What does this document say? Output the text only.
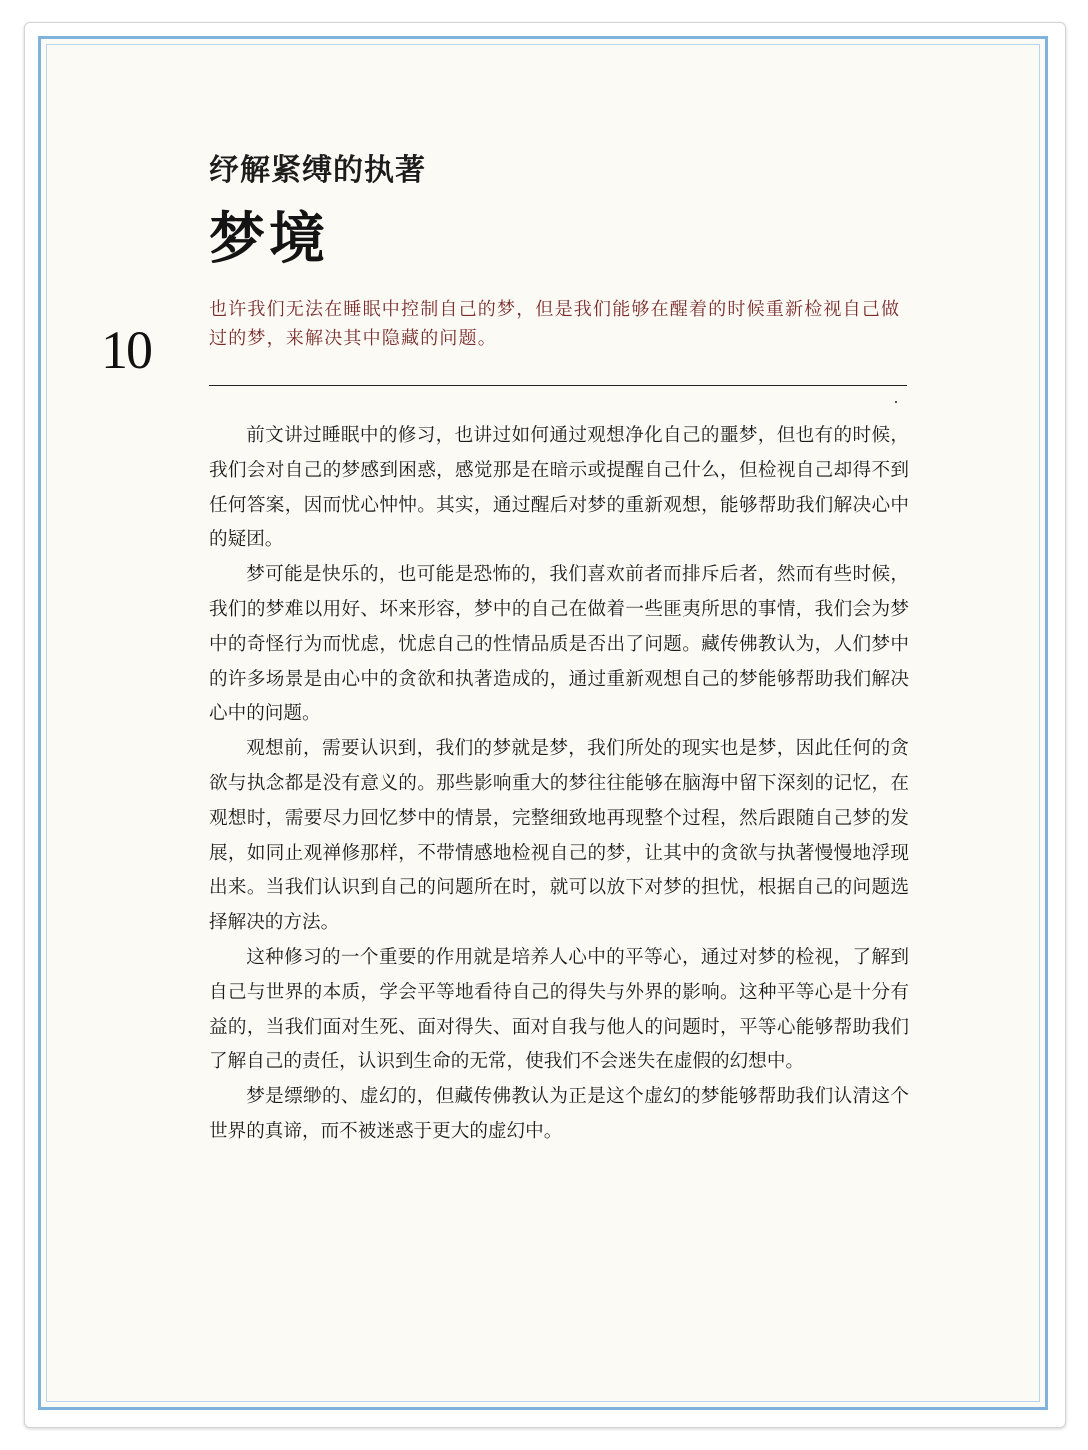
纾解紧缚的执著
梦境
10

也许我们无法在睡眠中控制自己的梦，但是我们能够在醒着的时候重新检视自己做过的梦，来解决其中隐藏的问题。

前文讲过睡眠中的修习，也讲过如何通过观想净化自己的噩梦，但也有的时候，我们会对自己的梦感到困惑，感觉那是在暗示或提醒自己什么，但检视自己却得不到任何答案，因而忧心忡忡。其实，通过醒后对梦的重新观想，能够帮助我们解决心中的疑团。

梦可能是快乐的，也可能是恐怖的，我们喜欢前者而排斥后者，然而有些时候，我们的梦难以用好、坏来形容，梦中的自己在做着一些匪夷所思的事情，我们会为梦中的奇怪行为而忧虑，忧虑自己的性情品质是否出了问题。藏传佛教认为，人们梦中的许多场景是由心中的贪欲和执著造成的，通过重新观想自己的梦能够帮助我们解决心中的问题。

观想前，需要认识到，我们的梦就是梦，我们所处的现实也是梦，因此任何的贪欲与执念都是没有意义的。那些影响重大的梦往往能够在脑海中留下深刻的记忆，在观想时，需要尽力回忆梦中的情景，完整细致地再现整个过程，然后跟随自己梦的发展，如同止观禅修那样，不带情感地检视自己的梦，让其中的贪欲与执著慢慢地浮现出来。当我们认识到自己的问题所在时，就可以放下对梦的担忧，根据自己的问题选择解决的方法。

这种修习的一个重要的作用就是培养人心中的平等心，通过对梦的检视，了解到自己与世界的本质，学会平等地看待自己的得失与外界的影响。这种平等心是十分有益的，当我们面对生死、面对得失、面对自我与他人的问题时，平等心能够帮助我们了解自己的责任，认识到生命的无常，使我们不会迷失在虚假的幻想中。

梦是缥缈的、虚幻的，但藏传佛教认为正是这个虚幻的梦能够帮助我们认清这个世界的真谛，而不被迷惑于更大的虚幻中。
